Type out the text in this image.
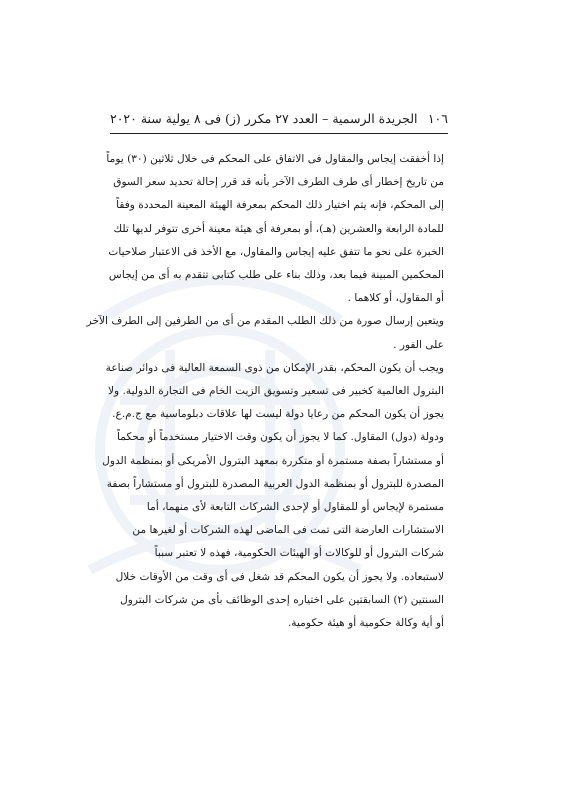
١٠٦
الجريدة الرسمية – العدد ٢٧ مكرر (ز) فى ٨ يولية سنة ٢٠٢٠

إذا أخفقت إيجاس والمقاول فى الاتفاق على المحكم فى خلال ثلاثين (٣٠) يوماً
من تاريخ إخطار أى طرف الطرف الآخر بأنه قد قرر إحالة تحديد سعر السوق
إلى المحكم، فإنه يتم اختيار ذلك المحكم بمعرفة الهيئة المعينة المحددة وفقاً
للمادة الرابعة والعشرين (هـ)، أو بمعرفة أى هيئة معينة أخرى تتوفر لديها تلك
الخبرة على نحو ما تتفق عليه إيجاس والمقاول، مع الأخذ فى الاعتبار صلاحيات
المحكمين المبينة فيما بعد، وذلك بناء على طلب كتابى تتقدم به أى من إيجاس
أو المقاول، أو كلاهما .

ويتعين إرسال صورة من ذلك الطلب المقدم من أى من الطرفين إلى الطرف الآخر
على الفور .

ويجب أن يكون المحكم، بقدر الإمكان من ذوى السمعة العالية فى دوائر صناعة
البترول العالمية كخبير فى تسعير وتسويق الزيت الخام فى التجارة الدولية. ولا
يجوز أن يكون المحكم من رعايا دولة ليست لها علاقات دبلوماسية مع ج.م.ع.
ودولة (دول) المقاول. كما لا يجوز أن يكون وقت الاختيار مستخدماً أو محكماً
أو مستشاراً بصفة مستمرة أو متكررة بمعهد البترول الأمريكى أو بمنظمة الدول
المصدرة للبترول أو بمنظمة الدول العربية المصدرة للبترول أو مستشاراً بصفة
مستمرة لإيجاس أو للمقاول أو لإحدى الشركات التابعة لأى منهما، أما
الاستشارات العارضة التى تمت فى الماضى لهذه الشركات أو لغيرها من
شركات البترول أو للوكالات أو الهيئات الحكومية، فهذه لا تعتبر سبباً
لاستبعاده. ولا يجوز أن يكون المحكم قد شغل فى أى وقت من الأوقات خلال
السنتين (٢) السابقتين على اختياره إحدى الوظائف بأى من شركات البترول
أو أية وكالة حكومية أو هيئة حكومية.
